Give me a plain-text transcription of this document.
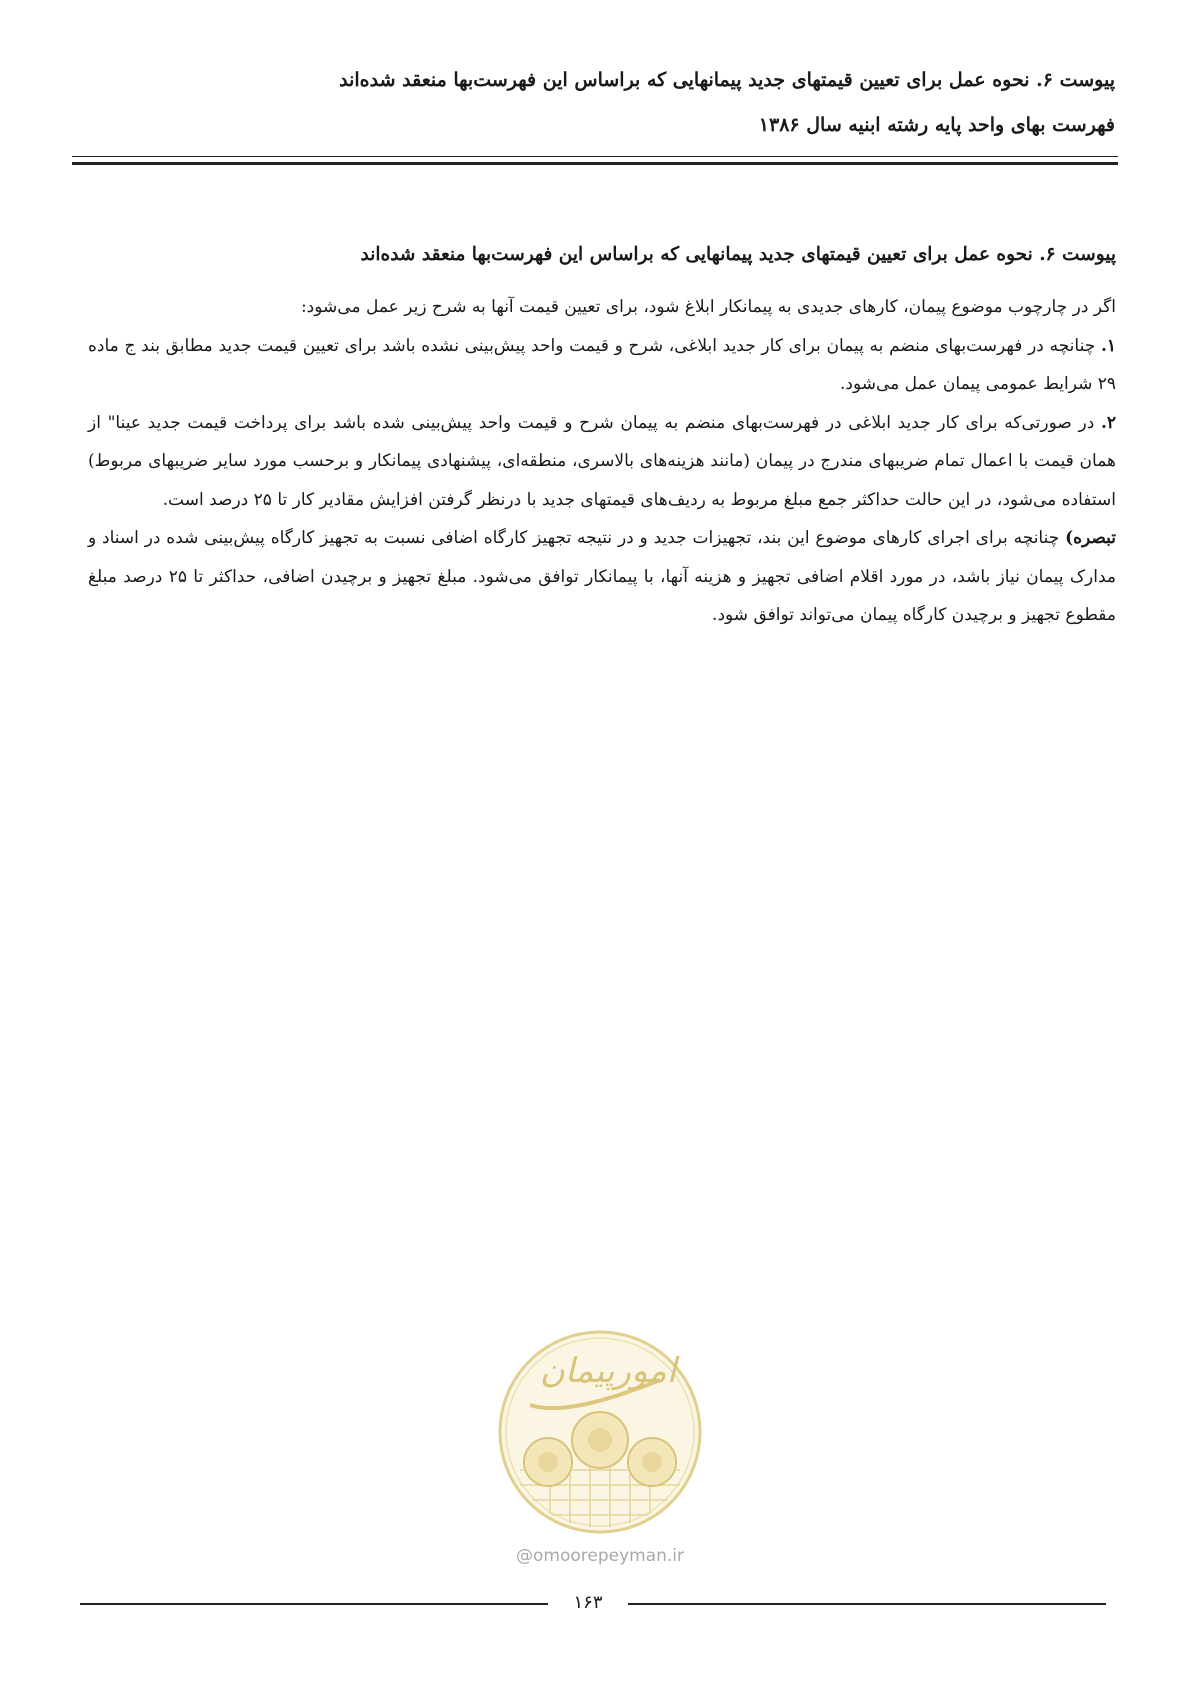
پیوست ۶. نحوه عمل برای تعیین قیمتهای جدید پیمانهایی که براساس این فهرست‌بها منعقد شده‌اند
فهرست بهای واحد پایه رشته ابنیه سال ۱۳۸۶
پیوست ۶. نحوه عمل برای تعیین قیمتهای جدید پیمانهایی که براساس این فهرست‌بها منعقد شده‌اند

اگر در چارچوب موضوع پیمان، کارهای جدیدی به پیمانکار ابلاغ شود، برای تعیین قیمت آنها به شرح زیر عمل می‌شود:

۱. چنانچه در فهرست‌بهای منضم به پیمان برای کار جدید ابلاغی، شرح و قیمت واحد پیش‌بینی نشده باشد برای تعیین قیمت جدید مطابق بند ج ماده ۲۹ شرایط عمومی پیمان عمل می‌شود.

۲. در صورتی‌که برای کار جدید ابلاغی در فهرست‌بهای منضم به پیمان شرح و قیمت واحد پیش‌بینی شده باشد برای پرداخت قیمت جدید عینا" از همان قیمت با اعمال تمام ضریبهای مندرج در پیمان (مانند هزینه‌های بالاسری، منطقه‌ای، پیشنهادی پیمانکار و برحسب مورد سایر ضریبهای مربوط) استفاده می‌شود، در این حالت حداکثر جمع مبلغ مربوط به ردیف‌های قیمتهای جدید با درنظر گرفتن افزایش مقادیر کار تا ۲۵ درصد است.

تبصره) چنانچه برای اجرای کارهای موضوع این بند، تجهیزات جدید و در نتیجه تجهیز کارگاه اضافی نسبت به تجهیز کارگاه پیش‌بینی شده در اسناد و مدارک پیمان نیاز باشد، در مورد اقلام اضافی تجهیز و هزینه آنها، با پیمانکار توافق می‌شود. مبلغ تجهیز و برچیدن اضافی، حداکثر تا ۲۵ درصد مبلغ مقطوع تجهیز و برچیدن کارگاه پیمان می‌تواند توافق شود.

امورپیمان
@omoorepeyman.ir
۱۶۳
